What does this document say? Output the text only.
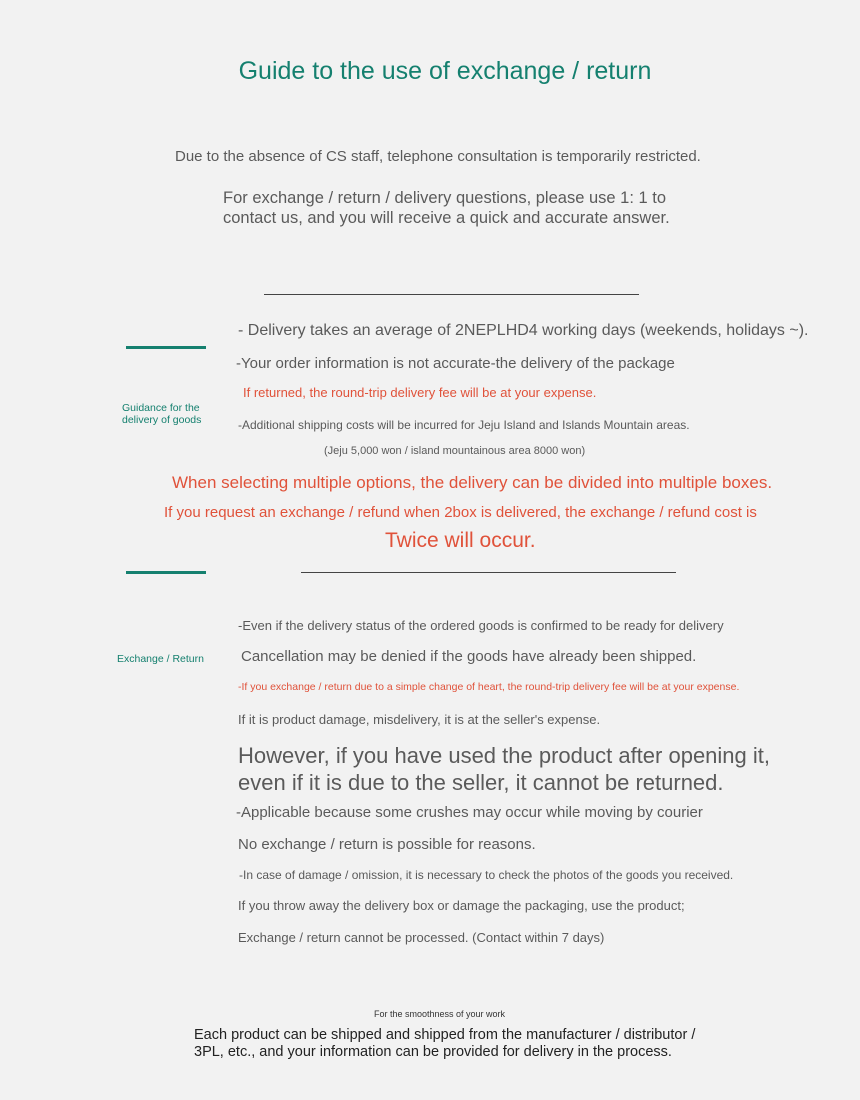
Guide to the use of exchange / return

Due to the absence of CS staff, telephone consultation is temporarily restricted.

For exchange / return / delivery questions, please use 1: 1 to contact us, and you will receive a quick and accurate answer.

Guidance for the delivery of goods

- Delivery takes an average of 2NEPLHD4 working days (weekends, holidays ~).

-Your order information is not accurate-the delivery of the package

If returned, the round-trip delivery fee will be at your expense.

-Additional shipping costs will be incurred for Jeju Island and Islands Mountain areas.

(Jeju 5,000 won / island mountainous area 8000 won)

When selecting multiple options, the delivery can be divided into multiple boxes.

If you request an exchange / refund when 2box is delivered, the exchange / refund cost is

Twice will occur.

Exchange / Return

-Even if the delivery status of the ordered goods is confirmed to be ready for delivery

Cancellation may be denied if the goods have already been shipped.

-If you exchange / return due to a simple change of heart, the round-trip delivery fee will be at your expense.

If it is product damage, misdelivery, it is at the seller's expense.

However, if you have used the product after opening it, even if it is due to the seller, it cannot be returned.

-Applicable because some crushes may occur while moving by courier

No exchange / return is possible for reasons.

-In case of damage / omission, it is necessary to check the photos of the goods you received.

If you throw away the delivery box or damage the packaging, use the product;

Exchange / return cannot be processed. (Contact within 7 days)

For the smoothness of your work

Each product can be shipped and shipped from the manufacturer / distributor / 3PL, etc., and your information can be provided for delivery in the process.
